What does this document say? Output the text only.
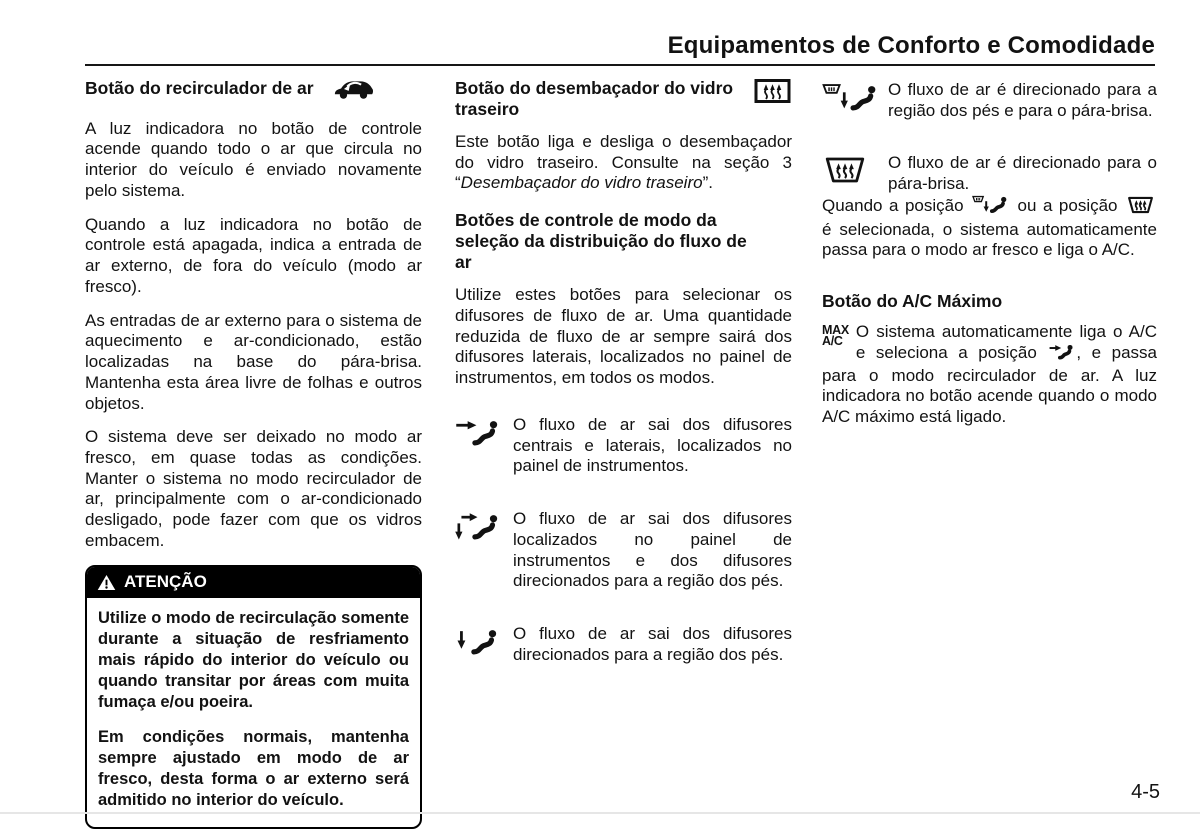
Equipamentos de Conforto e Comodidade
Botão do recirculador de ar

A luz indicadora no botão de controle acende quando todo o ar que circula no interior do veículo é enviado novamente pelo sistema.

Quando a luz indicadora no botão de controle está apagada, indica a entrada de ar externo, de fora do veículo (modo ar fresco).

As entradas de ar externo para o sistema de aquecimento e ar-condicionado, estão localizadas na base do pára-brisa. Mantenha esta área livre de folhas e outros objetos.

O sistema deve ser deixado no modo ar fresco, em quase todas as condições. Manter o sistema no modo recirculador de ar, principalmente com o ar-condicionado desligado, pode fazer com que os vidros embacem.

ATENÇÃO

Utilize o modo de recirculação somente durante a situação de resfriamento mais rápido do interior do veículo ou quando transitar por áreas com muita fumaça e/ou poeira.

Em condições normais, mantenha sempre ajustado em modo de ar fresco, desta forma o ar externo será admitido no interior do veículo.

Botão do desembaçador do vidro traseiro

Este botão liga e desliga o desembaçador do vidro traseiro. Consulte na seção 3 “Desembaçador do vidro traseiro”.

Botões de controle de modo da seleção da distribuição do fluxo de ar

Utilize estes botões para selecionar os difusores de fluxo de ar. Uma quantidade reduzida de fluxo de ar sempre sairá dos difusores laterais, localizados no painel de instrumentos, em todos os modos.

O fluxo de ar sai dos difusores centrais e laterais, localizados no painel de instrumentos.
O fluxo de ar sai dos difusores localizados no painel de instrumentos e dos difusores direcionados para a região dos pés.
O fluxo de ar sai dos difusores direcionados para a região dos pés.
O fluxo de ar é direcionado para a região dos pés e para o pára-brisa.
O fluxo de ar é direcionado para o pára-brisa.

Quando a posição  ou a posição  é selecionada, o sistema automaticamente passa para o modo ar fresco e liga o A/C.

Botão do A/C Máximo

MAX
A/C O sistema automaticamente liga o A/C e seleciona a posição , e passa para o modo recirculador de ar. A luz indicadora no botão acende quando o modo A/C máximo está ligado.

4-5
